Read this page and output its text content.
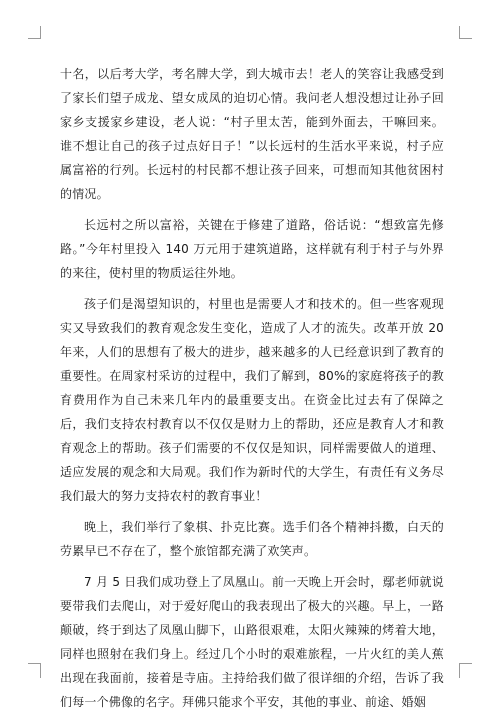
十名，以后考大学，考名牌大学，到大城市去！老人的笑容让我感受到了家长们望子成龙、望女成凤的迫切心情。我问老人想没想过让孙子回家乡支援家乡建设，老人说：“村子里太苦，能到外面去，干嘛回来。谁不想让自己的孩子过点好日子！”以长远村的生活水平来说，村子应属富裕的行列。长远村的村民都不想让孩子回来，可想而知其他贫困村的情况。

长远村之所以富裕，关键在于修建了道路，俗话说：“想致富先修路。”今年村里投入 140 万元用于建筑道路，这样就有利于村子与外界的来往，使村里的物质运往外地。

孩子们是渴望知识的，村里也是需要人才和技术的。但一些客观现实又导致我们的教育观念发生变化，造成了人才的流失。改革开放 20 年来，人们的思想有了极大的进步，越来越多的人已经意识到了教育的重要性。在周家村采访的过程中，我们了解到，80%的家庭将孩子的教育费用作为自己未来几年内的最重要支出。在资金比过去有了保障之后，我们支持农村教育以不仅仅是财力上的帮助，还应是教育人才和教育观念上的帮助。孩子们需要的不仅仅是知识，同样需要做人的道理、适应发展的观念和大局观。我们作为新时代的大学生，有责任有义务尽我们最大的努力支持农村的教育事业！

晚上，我们举行了象棋、扑克比赛。选手们各个精神抖擞，白天的劳累早已不存在了，整个旅馆都充满了欢笑声。

7 月 5 日我们成功登上了凤凰山。前一天晚上开会时，鄢老师就说要带我们去爬山，对于爱好爬山的我表现出了极大的兴趣。早上，一路颠破，终于到达了凤凰山脚下，山路很艰难，太阳火辣辣的烤着大地，同样也照射在我们身上。经过几个小时的艰难旅程，一片火红的美人蕉出现在我面前，接着是寺庙。主持给我们做了很详细的介绍，告诉了我们每一个佛像的名字。拜佛只能求个平安，其他的事业、前途、婚姻
